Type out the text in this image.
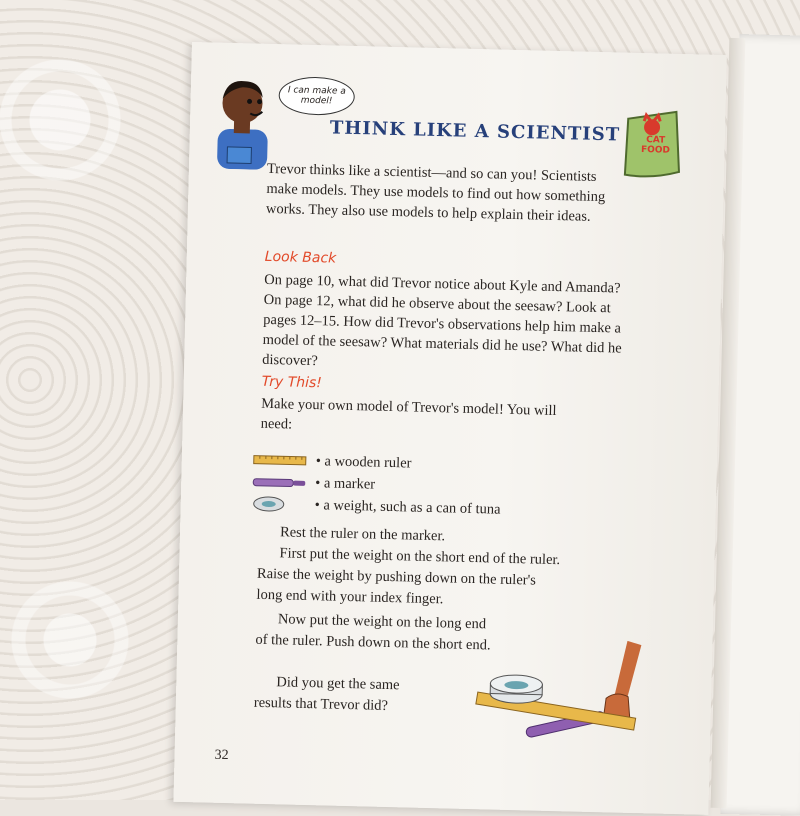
I can make a model!
THINK LIKE A SCIENTIST	CAT FOOD

Trevor thinks like a scientist—and so can you! Scientists make models. They use models to find out how something works. They also use models to help explain their ideas.

Look Back

On page 10, what did Trevor notice about Kyle and Amanda? On page 12, what did he observe about the seesaw? Look at pages 12–15. How did Trevor's observations help him make a model of the seesaw? What materials did he use? What did he discover?

Try This!

Make your own model of Trevor's model! You will need:

• a wooden ruler
• a marker
• a weight, such as a can of tuna
Rest the ruler on the marker.
First put the weight on the short end of the ruler.
Raise the weight by pushing down on the ruler's
long end with your index finger.
Now put the weight on the long end
of the ruler. Push down on the short end.
Did you get the same
results that Trevor did?
32
